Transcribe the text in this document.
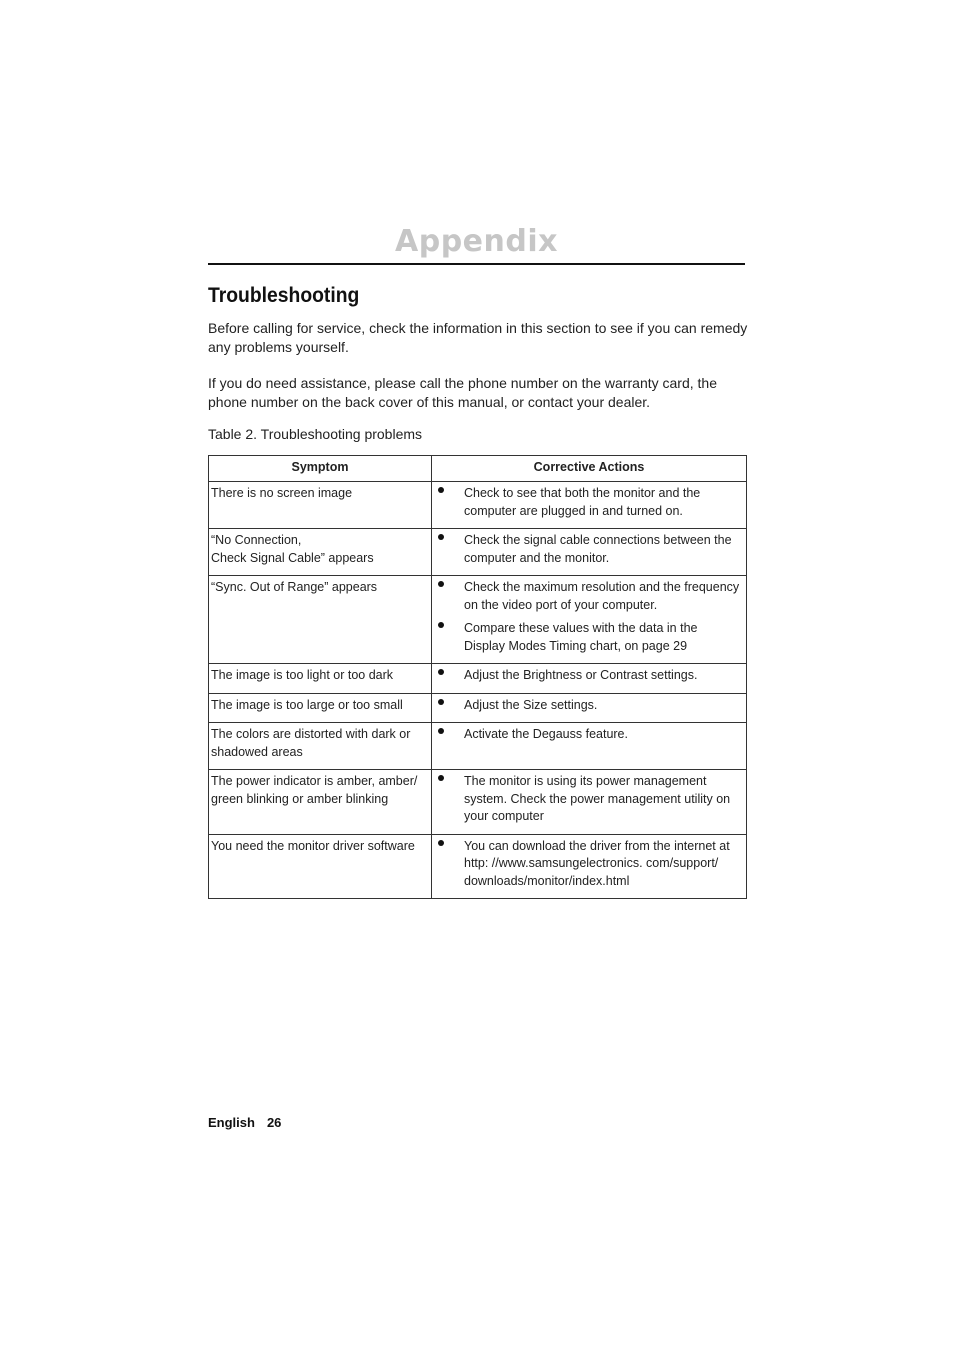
Appendix
Troubleshooting
Before calling for service, check the information in this section to see if you can remedy any problems yourself.
If you do need assistance, please call the phone number on the warranty card, the phone number on the back cover of this manual, or contact your dealer.
Table 2. Troubleshooting problems
Symptom	Corrective Actions
There is no screen image	Check to see that both the monitor and the computer are plugged in and turned on.

“No Connection,
Check Signal Cable” appears	Check the signal cable connections between the computer and the monitor.

“Sync. Out of Range” appears	Check the maximum resolution and the frequency on the video port of your computer.
Compare these values with the data in the Display Modes Timing chart, on page 29

The image is too light or too dark	Adjust the Brightness or Contrast settings.

The image is too large or too small	Adjust the Size settings.

The colors are distorted with dark or shadowed areas	Activate the Degauss feature.

The power indicator is amber, amber/ green blinking or amber blinking	The monitor is using its power management system. Check the power management utility on your computer

You need the monitor driver software	You can download the driver from the internet at http: //www.samsungelectronics. com/support/ downloads/monitor/index.html
English 26
